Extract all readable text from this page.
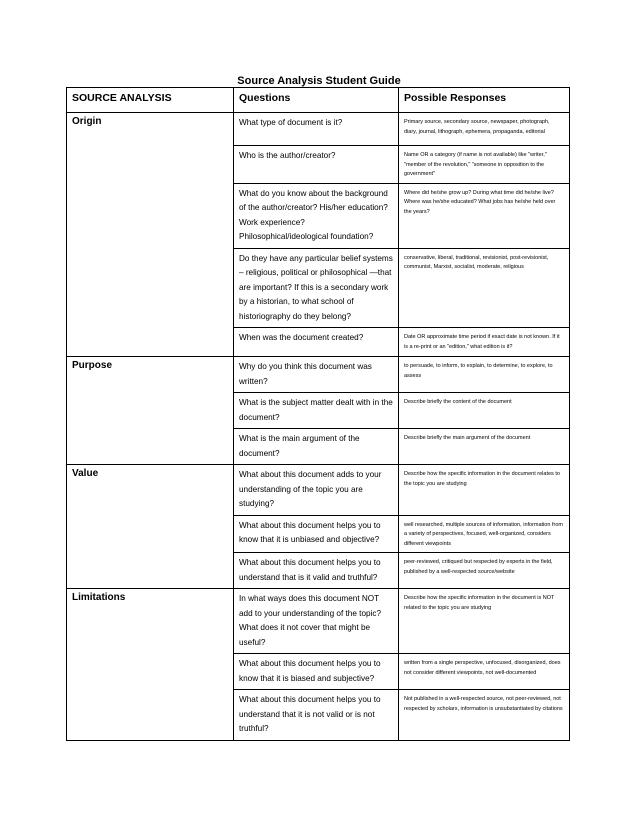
Source Analysis Student Guide
SOURCE ANALYSIS	Questions	Possible Responses
Origin	What type of document is it?	Primary source, secondary source, newspaper, photograph, diary, journal, lithograph, ephemera, propaganda, editorial
	Who is the author/creator?	Name OR a category (if name is not available) like "writer," "member of the revolution," "someone in opposition to the government"
	What do you know about the background of the author/creator? His/her education? Work experience? Philosophical/ideological foundation?	Where did he/she grow up? During what time did he/she live? Where was he/she educated? What jobs has he/she held over the years?
	Do they have any particular belief systems – religious, political or philosophical —that are important? If this is a secondary work by a historian, to what school of historiography do they belong?	conservative, liberal, traditional, revisionist, post-revisionist, communist, Marxist, socialist, moderate, religious
	When was the document created?	Date OR approximate time period if exact date is not known. If it is a re-print or an "edition," what edition is it?
Purpose	Why do you think this document was written?	to persuade, to inform, to explain, to determine, to explore, to assess
	What is the subject matter dealt with in the document?	Describe briefly the content of the document
	What is the main argument of the document?	Describe briefly the main argument of the document
Value	What about this document adds to your understanding of the topic you are studying?	Describe how the specific information in the document relates to the topic you are studying
	What about this document helps you to know that it is unbiased and objective?	well researched, multiple sources of information, information from a variety of perspectives, focused, well-organized, considers different viewpoints
	What about this document helps you to understand that is it valid and truthful?	peer-reviewed, critiqued but respected by experts in the field, published by a well-respected source/website
Limitations	In what ways does this document NOT add to your understanding of the topic? What does it not cover that might be useful?	Describe how the specific information in the document is NOT related to the topic you are studying
	What about this document helps you to know that it is biased and subjective?	written from a single perspective, unfocused, disorganized, does not consider different viewpoints, not well-documented
	What about this document helps you to understand that it is not valid or is not truthful?	Not published in a well-respected source, not peer-reviewed, not respected by scholars, information is unsubstantiated by citations
